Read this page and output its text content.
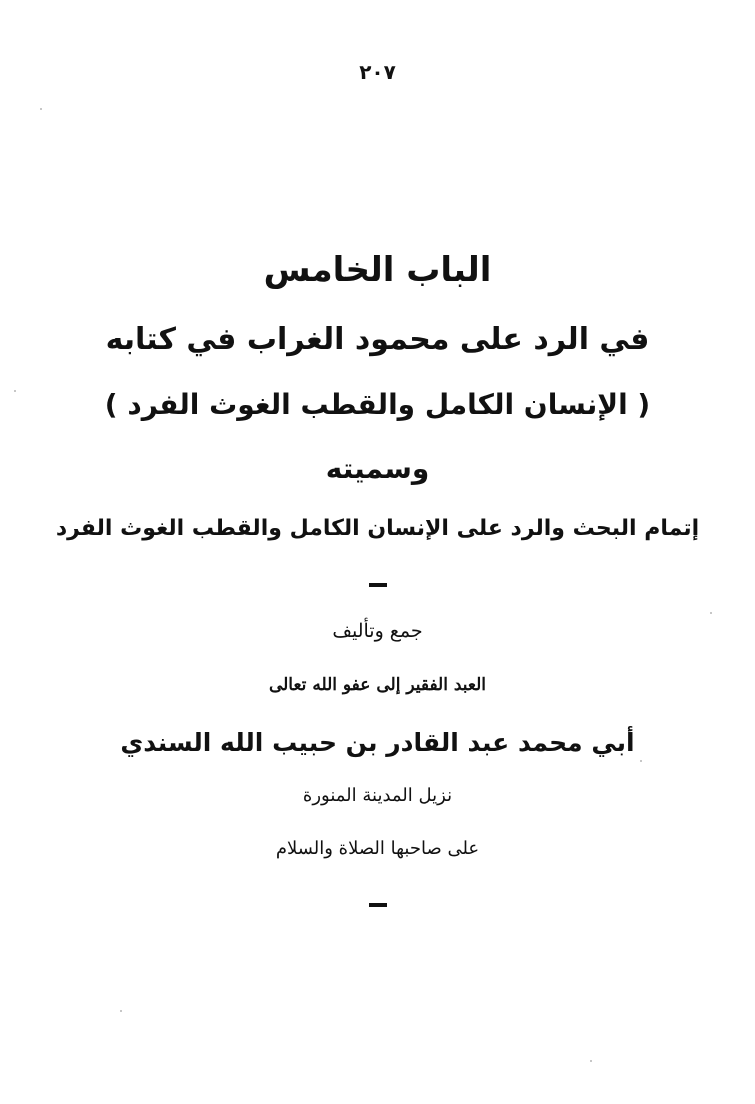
٢٠٧
الباب الخامس
في الرد على محمود الغراب في كتابه
( الإنسان الكامل والقطب الغوث الفرد )
وسميته
إتمام البحث والرد على الإنسان الكامل والقطب الغوث الفرد
جمع وتأليف
العبد الفقير إلى عفو الله تعالى
أبي محمد عبد القادر بن حبيب الله السندي
نزيل المدينة المنورة
على صاحبها الصلاة والسلام
